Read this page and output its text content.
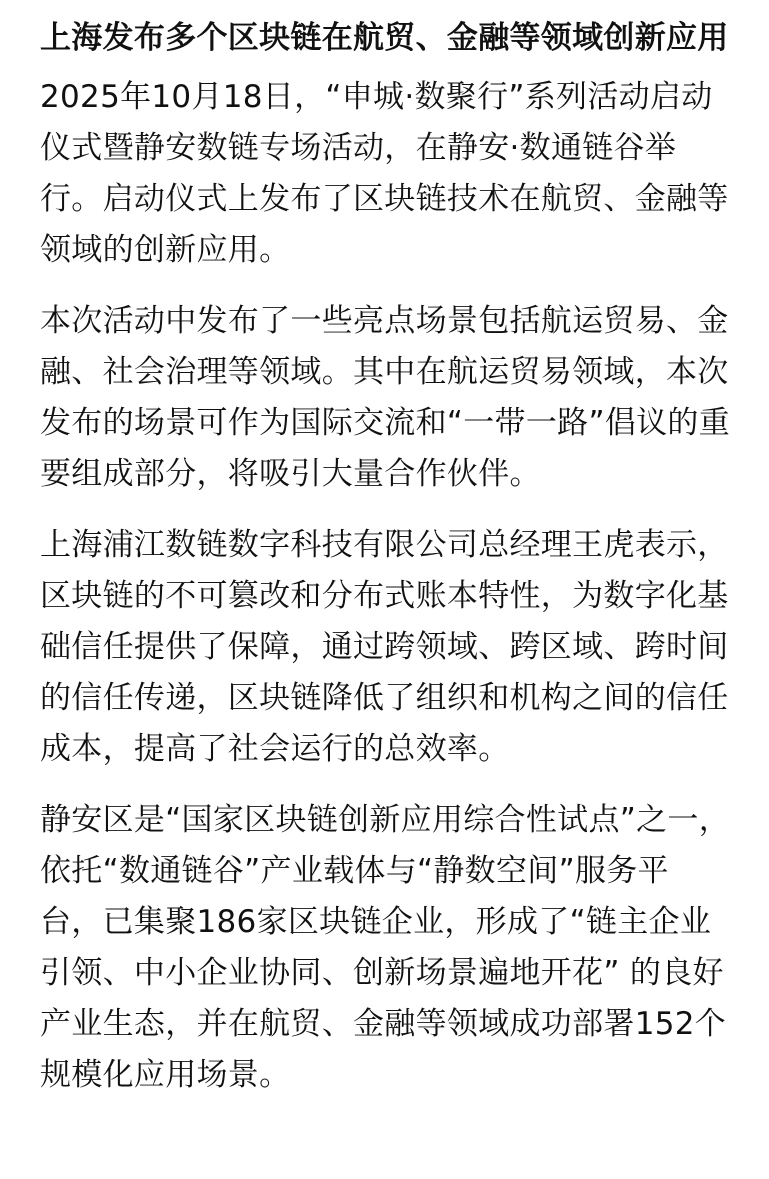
上海发布多个区块链在航贸、金融等领域创新应用

2025年10月18日，“申城·数聚行”系列活动启动仪式暨静安数链专场活动，在静安·数通链谷举行。启动仪式上发布了区块链技术在航贸、金融等领域的创新应用。

本次活动中发布了一些亮点场景包括航运贸易、金融、社会治理等领域。其中在航运贸易领域，本次发布的场景可作为国际交流和“一带一路”倡议的重要组成部分，将吸引大量合作伙伴。

上海浦江数链数字科技有限公司总经理王虎表示，区块链的不可篡改和分布式账本特性，为数字化基础信任提供了保障，通过跨领域、跨区域、跨时间的信任传递，区块链降低了组织和机构之间的信任成本，提高了社会运行的总效率。

静安区是“国家区块链创新应用综合性试点”之一，依托“数通链谷”产业载体与“静数空间”服务平台，已集聚186家区块链企业，形成了“链主企业引领、中小企业协同、创新场景遍地开花” 的良好产业生态，并在航贸、金融等领域成功部署152个规模化应用场景。
